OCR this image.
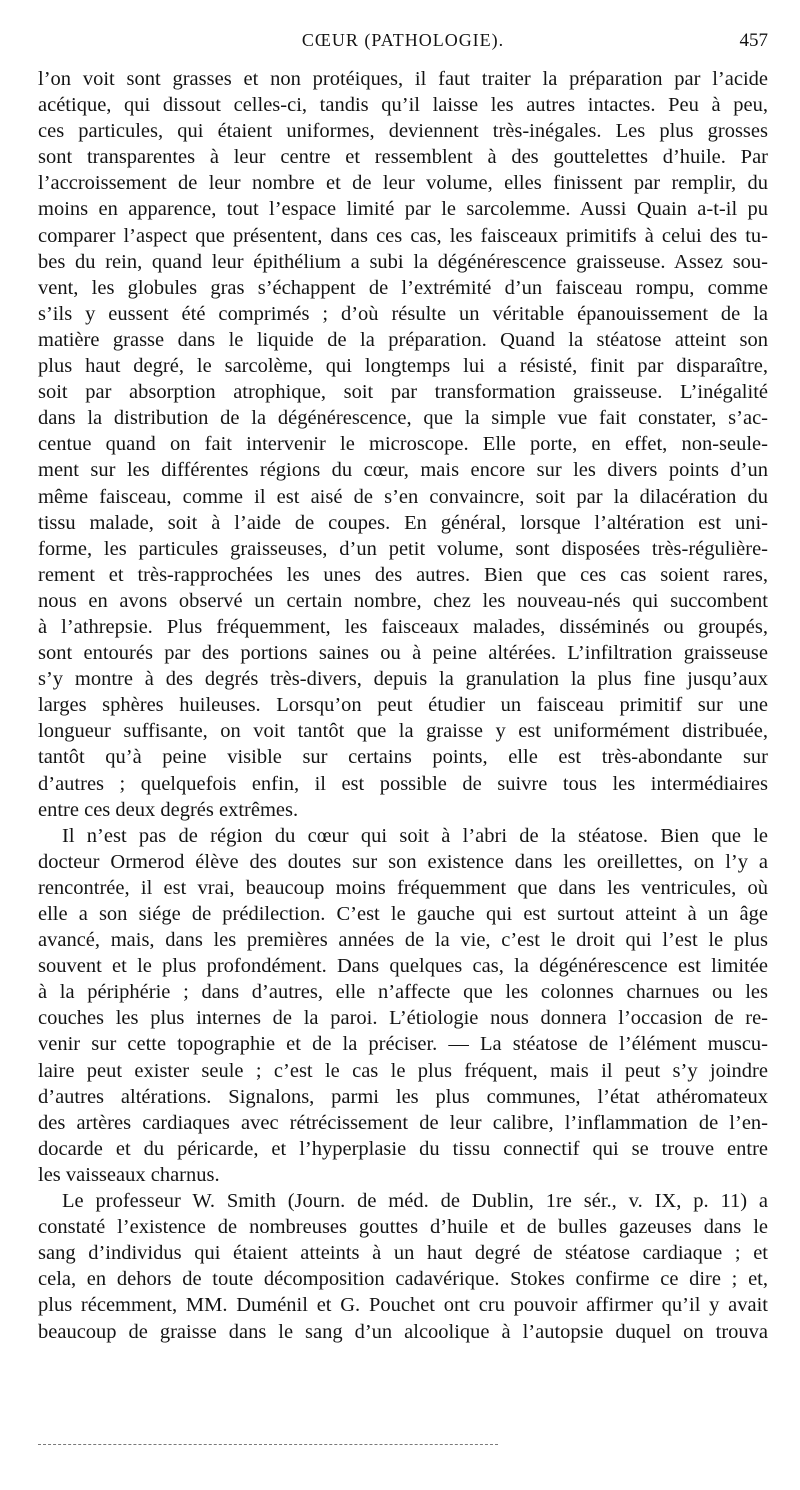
CŒUR (PATHOLOGIE).	457
l’on voit sont grasses et non protéiques, il faut traiter la préparation par l’acide
acétique, qui dissout celles-ci, tandis qu’il laisse les autres intactes. Peu à peu,
ces particules, qui étaient uniformes, deviennent très-inégales. Les plus grosses
sont transparentes à leur centre et ressemblent à des gouttelettes d’huile. Par
l’accroissement de leur nombre et de leur volume, elles finissent par remplir, du
moins en apparence, tout l’espace limité par le sarcolemme. Aussi Quain a-t-il pu
comparer l’aspect que présentent, dans ces cas, les faisceaux primitifs à celui des tu-
bes du rein, quand leur épithélium a subi la dégénérescence graisseuse. Assez sou-
vent, les globules gras s’échappent de l’extrémité d’un faisceau rompu, comme
s’ils y eussent été comprimés ; d’où résulte un véritable épanouissement de la
matière grasse dans le liquide de la préparation. Quand la stéatose atteint son
plus haut degré, le sarcolème, qui longtemps lui a résisté, finit par disparaître,
soit par absorption atrophique, soit par transformation graisseuse. L’inégalité
dans la distribution de la dégénérescence, que la simple vue fait constater, s’ac-
centue quand on fait intervenir le microscope. Elle porte, en effet, non-seule-
ment sur les différentes régions du cœur, mais encore sur les divers points d’un
même faisceau, comme il est aisé de s’en convaincre, soit par la dilacération du
tissu malade, soit à l’aide de coupes. En général, lorsque l’altération est uni-
forme, les particules graisseuses, d’un petit volume, sont disposées très-régulière-
rement et très-rapprochées les unes des autres. Bien que ces cas soient rares,
nous en avons observé un certain nombre, chez les nouveau-nés qui succombent
à l’athrepsie. Plus fréquemment, les faisceaux malades, disséminés ou groupés,
sont entourés par des portions saines ou à peine altérées. L’infiltration graisseuse
s’y montre à des degrés très-divers, depuis la granulation la plus fine jusqu’aux
larges sphères huileuses. Lorsqu’on peut étudier un faisceau primitif sur une
longueur suffisante, on voit tantôt que la graisse y est uniformément distribuée,
tantôt qu’à peine visible sur certains points, elle est très-abondante sur
d’autres ; quelquefois enfin, il est possible de suivre tous les intermédiaires
entre ces deux degrés extrêmes.
Il n’est pas de région du cœur qui soit à l’abri de la stéatose. Bien que le
docteur Ormerod élève des doutes sur son existence dans les oreillettes, on l’y a
rencontrée, il est vrai, beaucoup moins fréquemment que dans les ventricules, où
elle a son siége de prédilection. C’est le gauche qui est surtout atteint à un âge
avancé, mais, dans les premières années de la vie, c’est le droit qui l’est le plus
souvent et le plus profondément. Dans quelques cas, la dégénérescence est limitée
à la périphérie ; dans d’autres, elle n’affecte que les colonnes charnues ou les
couches les plus internes de la paroi. L’étiologie nous donnera l’occasion de re-
venir sur cette topographie et de la préciser. — La stéatose de l’élément muscu-
laire peut exister seule ; c’est le cas le plus fréquent, mais il peut s’y joindre
d’autres altérations. Signalons, parmi les plus communes, l’état athéromateux
des artères cardiaques avec rétrécissement de leur calibre, l’inflammation de l’en-
docarde et du péricarde, et l’hyperplasie du tissu connectif qui se trouve entre
les vaisseaux charnus.
Le professeur W. Smith (Journ. de méd. de Dublin, 1re sér., v. IX, p. 11) a
constaté l’existence de nombreuses gouttes d’huile et de bulles gazeuses dans le
sang d’individus qui étaient atteints à un haut degré de stéatose cardiaque ; et
cela, en dehors de toute décomposition cadavérique. Stokes confirme ce dire ; et,
plus récemment, MM. Duménil et G. Pouchet ont cru pouvoir affirmer qu’il y avait
beaucoup de graisse dans le sang d’un alcoolique à l’autopsie duquel on trouva
